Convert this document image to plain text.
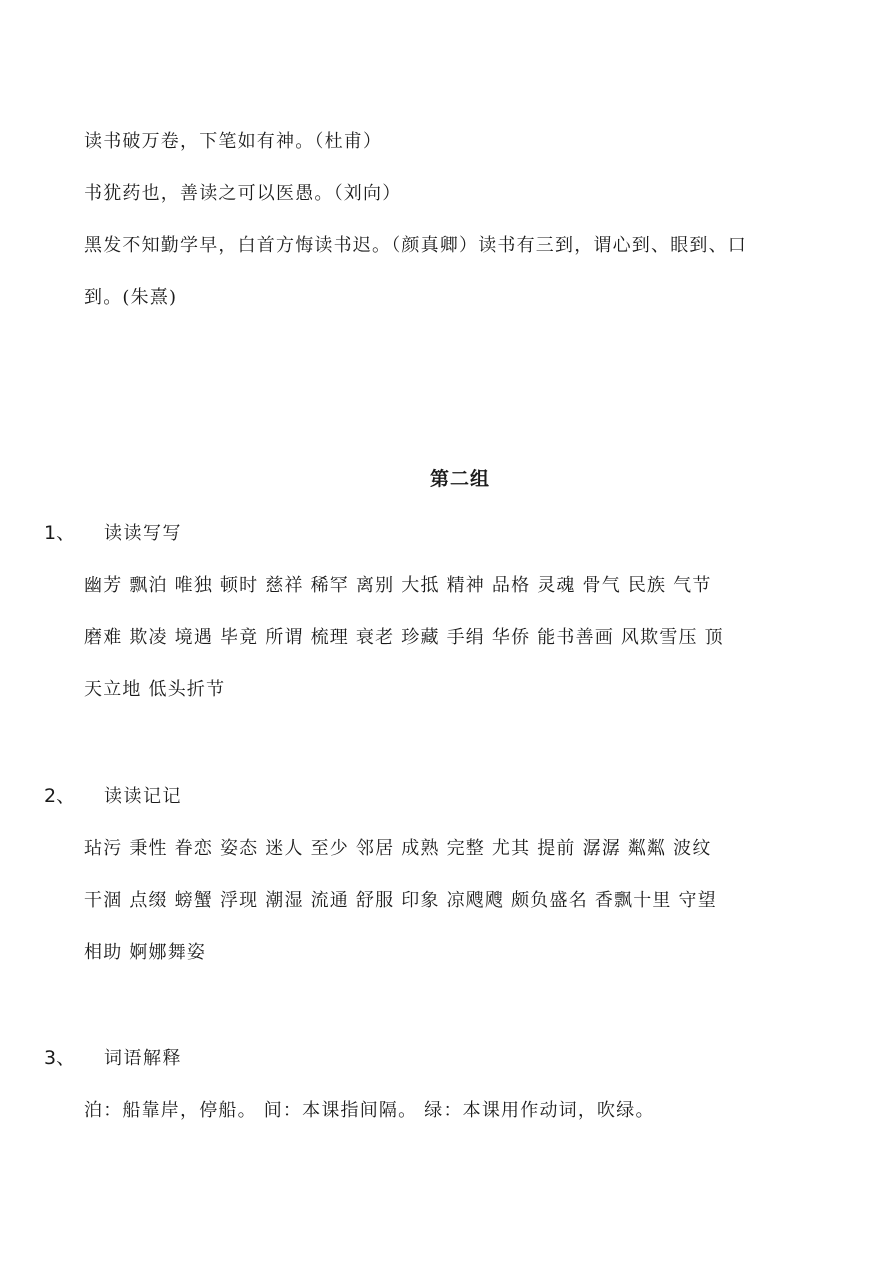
读书破万卷，下笔如有神。（杜甫）
书犹药也，善读之可以医愚。（刘向）
黑发不知勤学早，白首方悔读书迟。（颜真卿）读书有三到，谓心到、眼到、口
到。(朱熹)
第二组
1、 读读写写
幽芳 飘泊 唯独 顿时 慈祥 稀罕 离别 大抵 精神 品格 灵魂 骨气 民族 气节
磨难 欺凌 境遇 毕竟 所谓 梳理 衰老 珍藏 手绢 华侨 能书善画 风欺雪压 顶
天立地 低头折节
2、 读读记记
玷污 秉性 眷恋 姿态 迷人 至少 邻居 成熟 完整 尤其 提前 潺潺 粼粼 波纹
干涸 点缀 螃蟹 浮现 潮湿 流通 舒服 印象 凉飕飕 颇负盛名 香飘十里 守望
相助 婀娜舞姿
3、 词语解释
泊：船靠岸，停船。 间：本课指间隔。 绿：本课用作动词，吹绿。
